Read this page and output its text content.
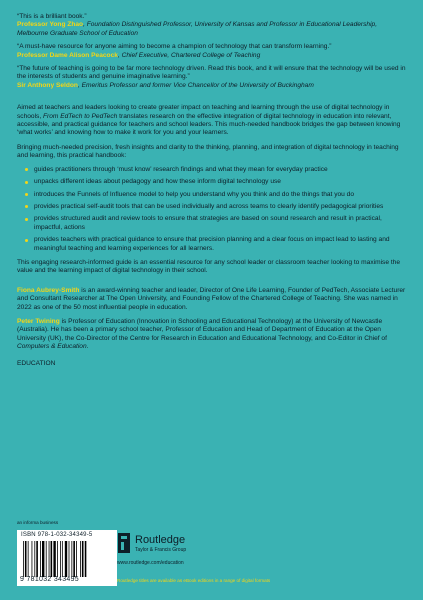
“This is a brilliant book.”
Professor Yong Zhao, Foundation Distinguished Professor, University of Kansas and Professor in Educational Leadership, Melbourne Graduate School of Education

“A must-have resource for anyone aiming to become a champion of technology that can transform learning.”
Professor Dame Alison Peacock, Chief Executive, Chartered College of Teaching

“The future of teaching is going to be far more technology driven. Read this book, and it will ensure that the technology will be used in the interests of students and genuine imaginative learning.”
Sir Anthony Seldon, Emeritus Professor and former Vice Chancellor of the University of Buckingham

Aimed at teachers and leaders looking to create greater impact on teaching and learning through the use of digital technology in schools, From EdTech to PedTech translates research on the effective integration of digital technology in education into relevant, accessible, and practical guidance for teachers and school leaders. This much-needed handbook bridges the gap between knowing ‘what works’ and knowing how to make it work for you and your learners.

Bringing much-needed precision, fresh insights and clarity to the thinking, planning, and integration of digital technology in teaching and learning, this practical handbook:

guides practitioners through ‘must know’ research findings and what they mean for everyday practice
unpacks different ideas about pedagogy and how these inform digital technology use
introduces the Funnels of Influence model to help you understand why you think and do the things that you do
provides practical self-audit tools that can be used individually and across teams to clearly identify pedagogical priorities
provides structured audit and review tools to ensure that strategies are based on sound research and result in practical, impactful, actions
provides teachers with practical guidance to ensure that precision planning and a clear focus on impact lead to lasting and meaningful teaching and learning experiences for all learners.

This engaging research-informed guide is an essential resource for any school leader or classroom teacher looking to maximise the value and the learning impact of digital technology in their school.

Fiona Aubrey-Smith is an award-winning teacher and leader, Director of One Life Learning, Founder of PedTech, Associate Lecturer and Consultant Researcher at The Open University, and Founding Fellow of the Chartered College of Teaching. She was named in 2022 as one of the 50 most influential people in education.

Peter Twining is Professor of Education (Innovation in Schooling and Educational Technology) at the University of Newcastle (Australia). He has been a primary school teacher, Professor of Education and Head of Department of Education at the Open University (UK), the Co-Director of the Centre for Research in Education and Educational Technology, and Co-Editor in Chief of Computers & Education.

EDUCATION

an informa business
ISBN 978-1-032-34349-5
9 781032 343495
Routledge
Taylor & Francis Group
www.routledge.com/education
Routledge titles are available as eBook editions in a range of digital formats
